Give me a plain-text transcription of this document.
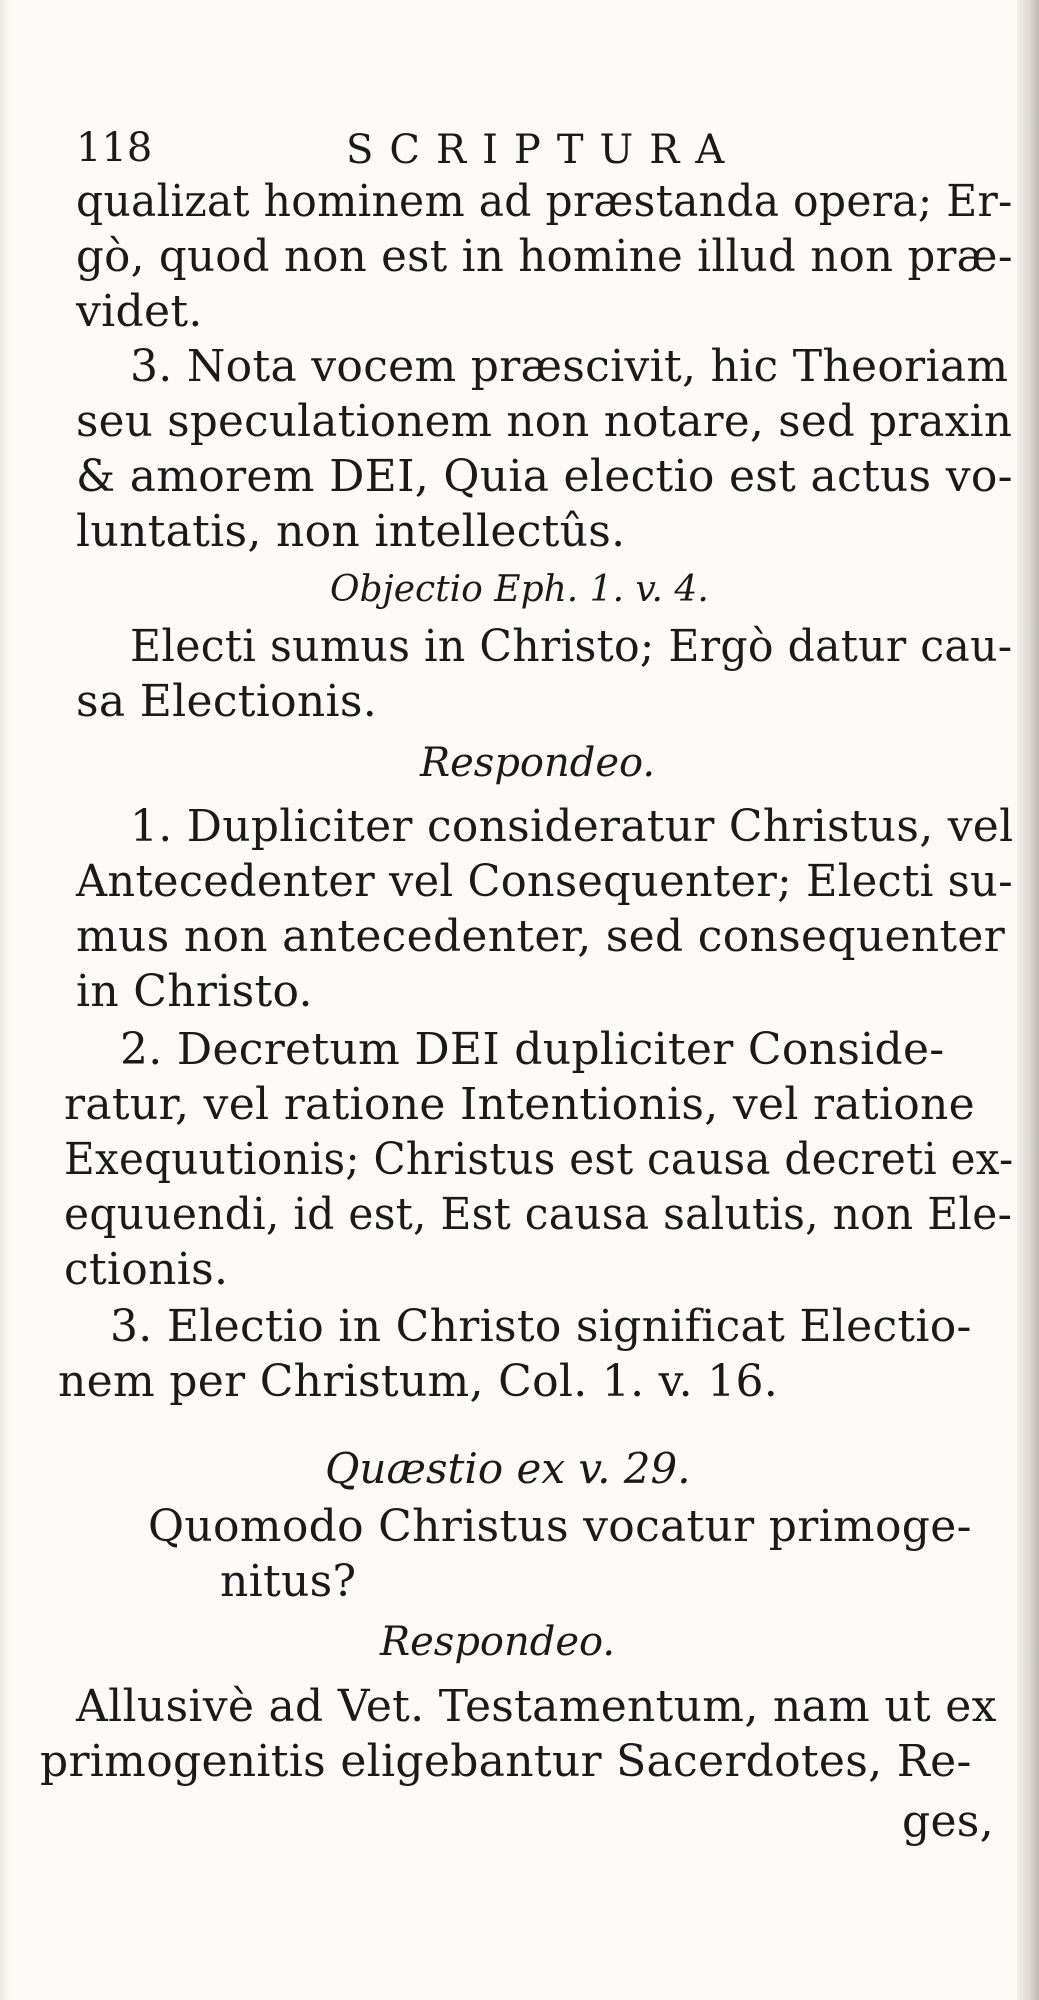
118	SCRIPTURA
qualizat hominem ad præstanda opera; Er-
gò, quod non est in homine illud non præ-
videt.
3. Nota vocem præscivit, hic Theoriam
seu speculationem non notare, sed praxin
& amorem DEI, Quia electio est actus vo-
luntatis, non intellectûs.
Objectio Eph. 1. v. 4.
Electi sumus in Christo; Ergò datur cau-
sa Electionis.
Respondeo.
1. Dupliciter consideratur Christus, vel
Antecedenter vel Consequenter; Electi su-
mus non antecedenter, sed consequenter
in Christo.
2. Decretum DEI dupliciter Conside-
ratur, vel ratione Intentionis, vel ratione
Exequutionis; Christus est causa decreti ex-
equuendi, id est, Est causa salutis, non Ele-
ctionis.
3. Electio in Christo significat Electio-
nem per Christum, Col. 1. v. 16.
Quæstio ex v. 29.
Quomodo Christus vocatur primoge-
nitus?
Respondeo.
Allusivè ad Vet. Testamentum, nam ut ex
primogenitis eligebantur Sacerdotes, Re-
ges,
